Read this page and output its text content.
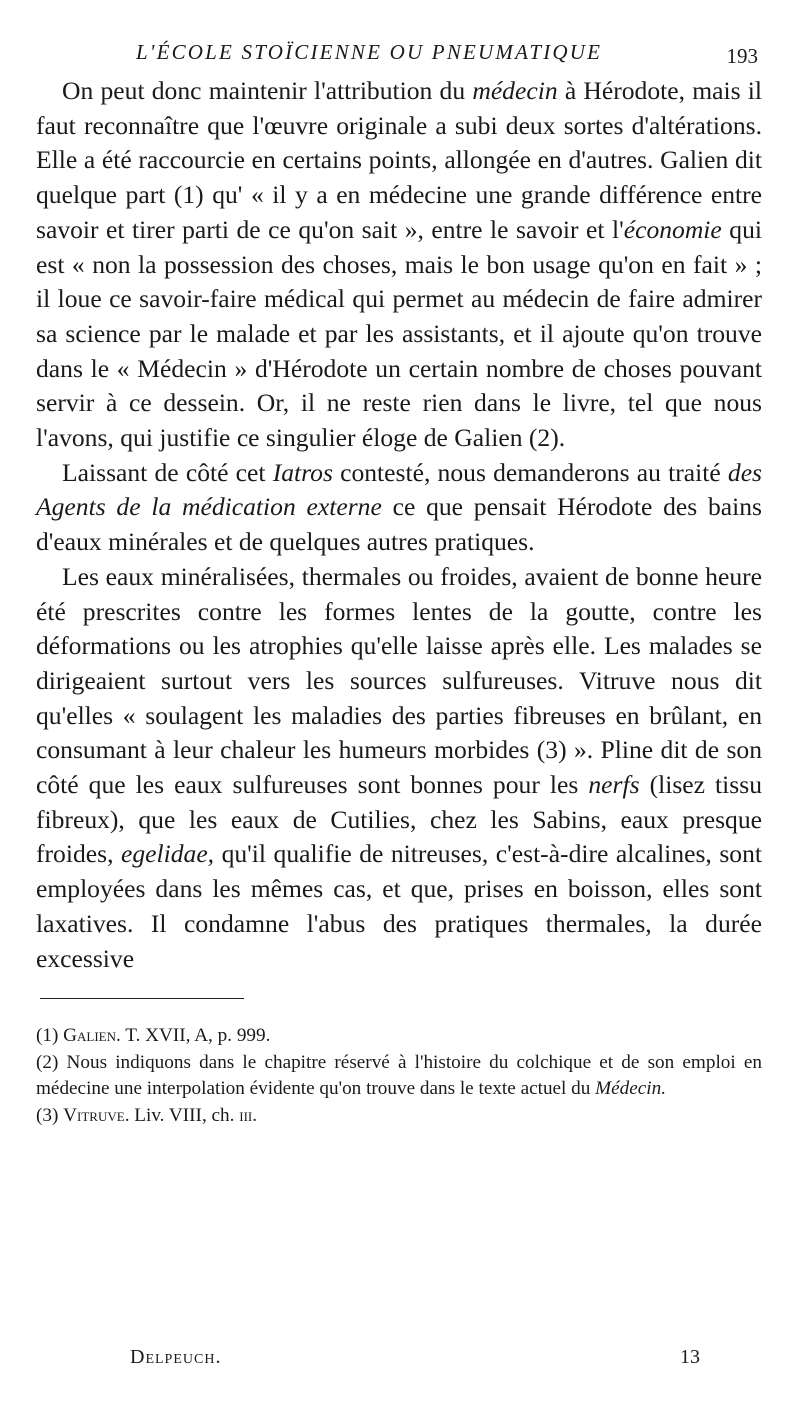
L'ÉCOLE STOÏCIENNE OU PNEUMATIQUE	193

On peut donc maintenir l'attribution du médecin à Hérodote, mais il faut reconnaître que l'œuvre originale a subi deux sortes d'altérations. Elle a été raccourcie en certains points, allongée en d'autres. Galien dit quelque part (1) qu' « il y a en médecine une grande différence entre savoir et tirer parti de ce qu'on sait », entre le savoir et l'économie qui est « non la possession des choses, mais le bon usage qu'on en fait » ; il loue ce savoir-faire médical qui permet au médecin de faire admirer sa science par le malade et par les assistants, et il ajoute qu'on trouve dans le « Médecin » d'Hérodote un certain nombre de choses pouvant servir à ce dessein. Or, il ne reste rien dans le livre, tel que nous l'avons, qui justifie ce singulier éloge de Galien (2).

Laissant de côté cet Iatros contesté, nous demanderons au traité des Agents de la médication externe ce que pensait Hérodote des bains d'eaux minérales et de quelques autres pratiques.

Les eaux minéralisées, thermales ou froides, avaient de bonne heure été prescrites contre les formes lentes de la goutte, contre les déformations ou les atrophies qu'elle laisse après elle. Les malades se dirigeaient surtout vers les sources sulfureuses. Vitruve nous dit qu'elles « soulagent les maladies des parties fibreuses en brûlant, en consumant à leur chaleur les humeurs morbides (3) ». Pline dit de son côté que les eaux sulfureuses sont bonnes pour les nerfs (lisez tissu fibreux), que les eaux de Cutilies, chez les Sabins, eaux presque froides, egelidae, qu'il qualifie de nitreuses, c'est-à-dire alcalines, sont employées dans les mêmes cas, et que, prises en boisson, elles sont laxatives. Il condamne l'abus des pratiques thermales, la durée excessive

(1) Galien. T. XVII, A, p. 999.

(2) Nous indiquons dans le chapitre réservé à l'histoire du colchique et de son emploi en médecine une interpolation évidente qu'on trouve dans le texte actuel du Médecin.

(3) Vitruve. Liv. VIII, ch. iii.

Delpeuch.	13
